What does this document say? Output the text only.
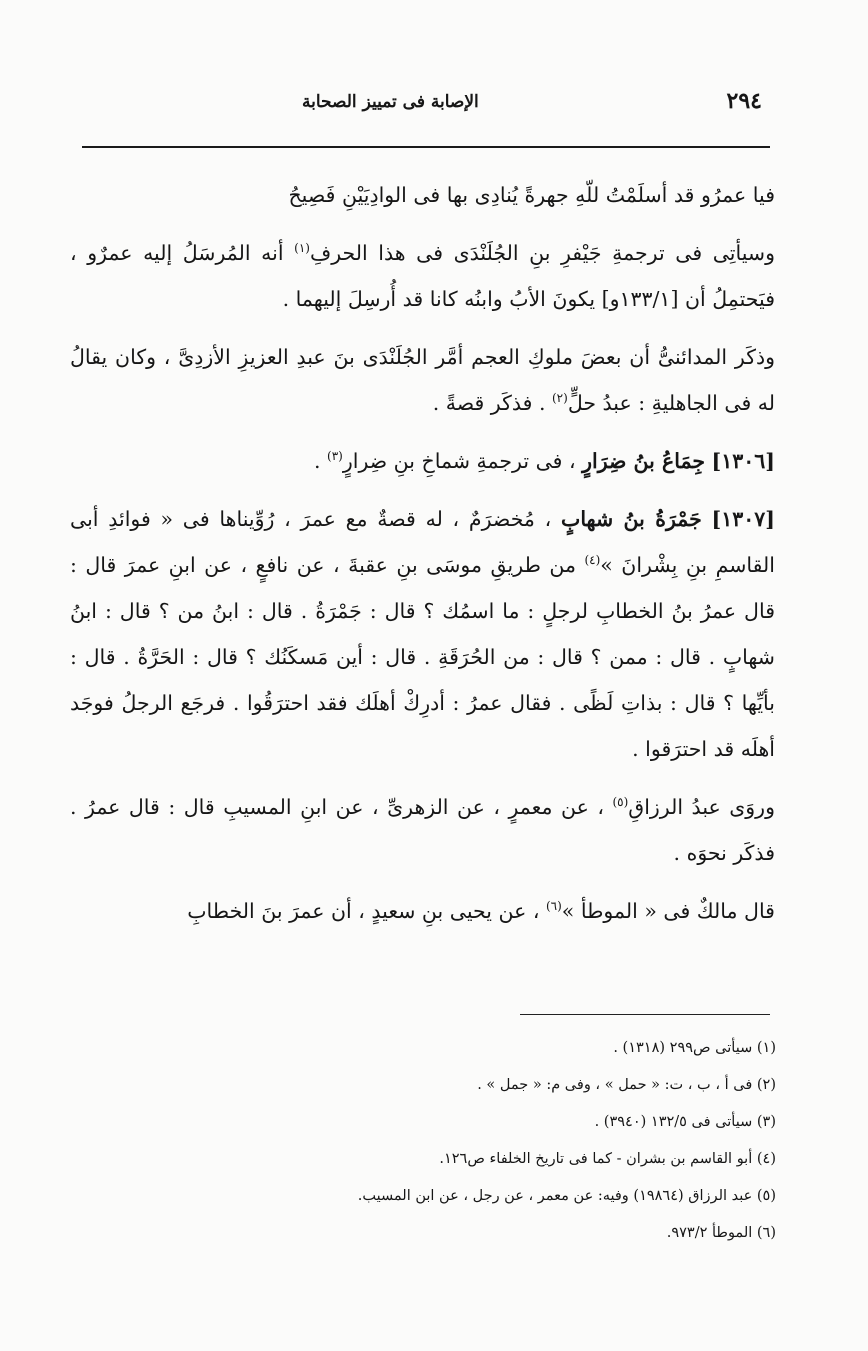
٢٩٤
الإصابة فى تمييز الصحابة

فيا عمرُو قد أسلَمْتُ للّهِ جهرةً يُنادِى بها فى الوادِيَيْنِ فَصِيحُ

وسيأتِى فى ترجمةِ جَيْفرِ بنِ الجُلَنْدَى فى هذا الحرفِ$^{(١)}$ أنه المُرسَلُ إليه عمرٌو ، فيَحتمِلُ أن [١٣٣/١و] يكونَ الأبُ وابنُه كانا قد أُرسِلَ إليهما .

وذكَر المدائنىُّ أن بعضَ ملوكِ العجم أمَّر الجُلَنْدَى بنَ عبدِ العزيزِ الأزدِىَّ ، وكان يقالُ له فى الجاهليةِ : عبدُ حلٍّ$^{(٢)}$ . فذكَر قصةً .

[١٣٠٦] جِمَاعُ بنُ ضِرَارٍ ، فى ترجمةِ شماخِ بنِ ضِرارٍ$^{(٣)}$ .

[١٣٠٧] جَمْرَةُ بنُ شهابٍ ، مُخضرَمٌ ، له قصةٌ مع عمرَ ، رُوِّيناها فى « فوائدِ أبى القاسمِ بنِ بِشْرانَ »$^{(٤)}$ من طريقِ موسَى بنِ عقبةَ ، عن نافعٍ ، عن ابنِ عمرَ قال : قال عمرُ بنُ الخطابِ لرجلٍ : ما اسمُك ؟ قال : جَمْرَةُ . قال : ابنُ من ؟ قال : ابنُ شهابٍ . قال : ممن ؟ قال : من الحُرَقَةِ . قال : أين مَسكَنُك ؟ قال : الحَرَّةُ . قال : بأيِّها ؟ قال : بذاتِ لَظًى . فقال عمرُ : أدرِكْ أهلَك فقد احترَقُوا . فرجَع الرجلُ فوجَد أهلَه قد احترَقوا .

وروَى عبدُ الرزاقِ$^{(٥)}$ ، عن معمرٍ ، عن الزهرىِّ ، عن ابنِ المسيبِ قال : قال عمرُ . فذكَر نحوَه .

قال مالكٌ فى « الموطأ »$^{(٦)}$ ، عن يحيى بنِ سعيدٍ ، أن عمرَ بنَ الخطابِ

(١) سيأتى ص٢٩٩ (١٣١٨) .
(٢) فى أ ، ب ، ت: « حمل » ، وفى م: « جمل » .
(٣) سيأتى فى ١٣٢/٥ (٣٩٤٠) .
(٤) أبو القاسم بن بشران - كما فى تاريخ الخلفاء ص١٢٦.
(٥) عبد الرزاق (١٩٨٦٤) وفيه: عن معمر ، عن رجل ، عن ابن المسيب.
(٦) الموطأ ٩٧٣/٢.
